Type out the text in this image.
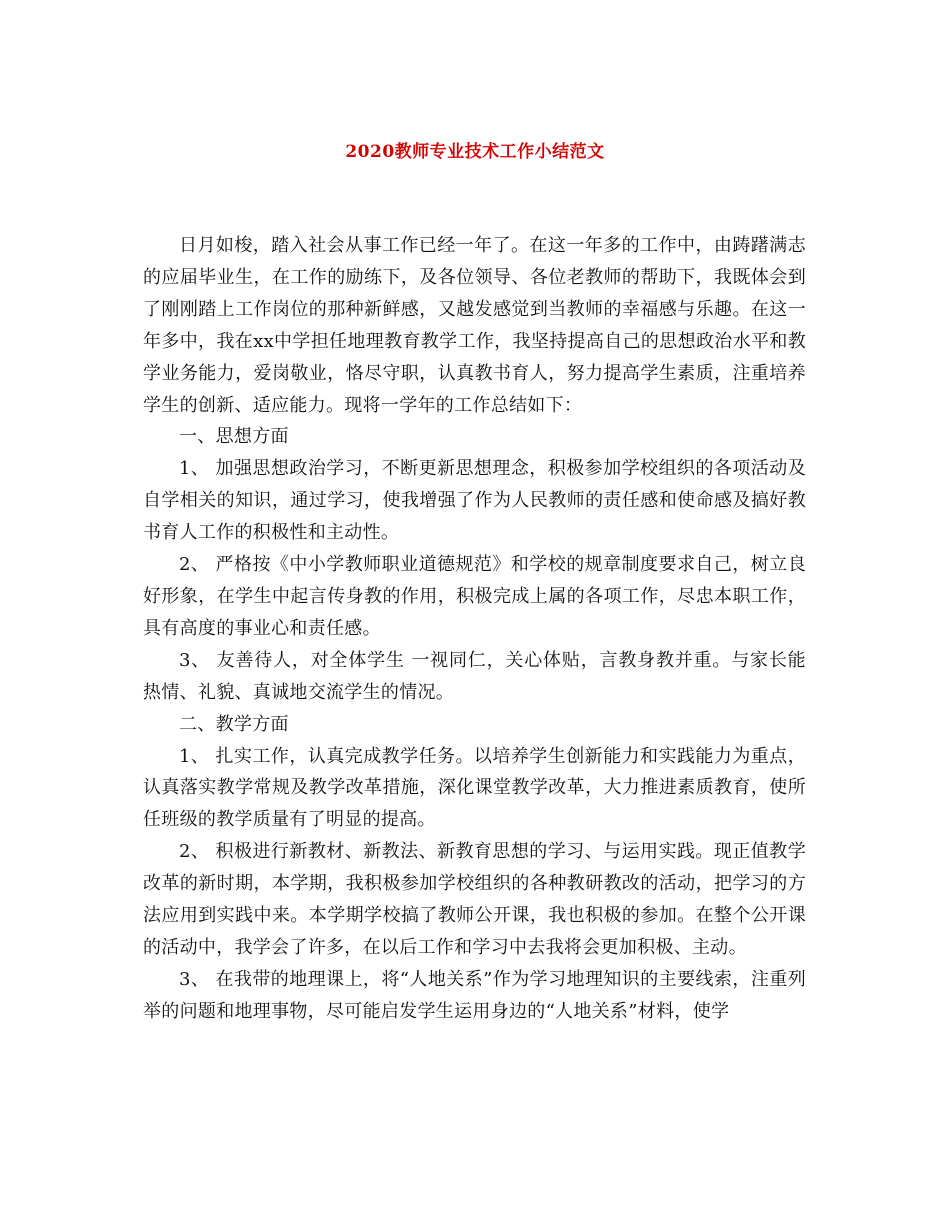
2020教师专业技术工作小结范文

日月如梭，踏入社会从事工作已经一年了。在这一年多的工作中，由踌躇满志的应届毕业生，在工作的励练下，及各位领导、各位老教师的帮助下，我既体会到了刚刚踏上工作岗位的那种新鲜感，又越发感觉到当教师的幸福感与乐趣。在这一年多中，我在xx中学担任地理教育教学工作，我坚持提高自己的思想政治水平和教学业务能力，爱岗敬业，恪尽守职，认真教书育人，努力提高学生素质，注重培养学生的创新、适应能力。现将一学年的工作总结如下：

一、思想方面

1、 加强思想政治学习，不断更新思想理念，积极参加学校组织的各项活动及自学相关的知识，通过学习，使我增强了作为人民教师的责任感和使命感及搞好教书育人工作的积极性和主动性。

2、 严格按《中小学教师职业道德规范》和学校的规章制度要求自己，树立良好形象，在学生中起言传身教的作用，积极完成上属的各项工作，尽忠本职工作，具有高度的事业心和责任感。

3、 友善待人，对全体学生 一视同仁，关心体贴，言教身教并重。与家长能热情、礼貌、真诚地交流学生的情况。

二、教学方面

1、 扎实工作，认真完成教学任务。以培养学生创新能力和实践能力为重点，认真落实教学常规及教学改革措施，深化课堂教学改革，大力推进素质教育，使所任班级的教学质量有了明显的提高。

2、 积极进行新教材、新教法、新教育思想的学习、与运用实践。现正值教学改革的新时期，本学期，我积极参加学校组织的各种教研教改的活动，把学习的方法应用到实践中来。本学期学校搞了教师公开课，我也积极的参加。在整个公开课的活动中，我学会了许多，在以后工作和学习中去我将会更加积极、主动。

3、 在我带的地理课上，将“人地关系”作为学习地理知识的主要线索，注重列举的问题和地理事物，尽可能启发学生运用身边的“人地关系”材料，使学
